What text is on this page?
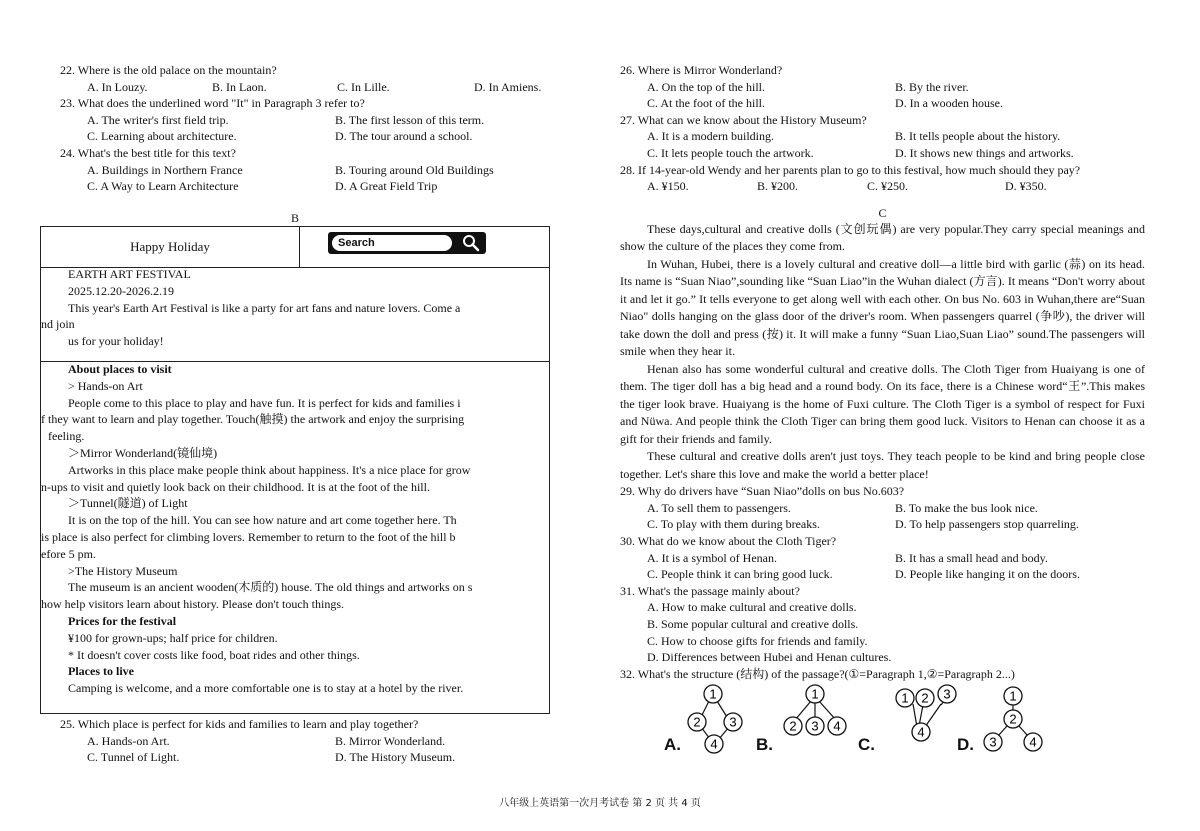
22. Where is the old palace on the mountain?
A. In Louzy.	B. In Laon.	C. In Lille.	D. In Amiens.
23. What does the underlined word "It" in Paragraph 3 refer to?
A. The writer's first field trip.	B. The first lesson of this term.
C. Learning about architecture.	D. The tour around a school.
24. What's the best title for this text?
A. Buildings in Northern France	B. Touring around Old Buildings
C. A Way to Learn Architecture	D. A Great Field Trip
B
Happy Holiday	Search
EARTH ART FESTIVAL
2025.12.20-2026.2.19
This year's Earth Art Festival is like a party for art fans and nature lovers. Come a
nd join
us for your holiday!
About places to visit
> Hands-on Art
People come to this place to play and have fun. It is perfect for kids and families i
f they want to learn and play together. Touch(触摸) the artwork and enjoy the surprising
feeling.
＞Mirror Wonderland(镜仙境)
Artworks in this place make people think about happiness. It's a nice place for grow
n-ups to visit and quietly look back on their childhood. It is at the foot of the hill.
＞Tunnel(隧道) of Light
It is on the top of the hill. You can see how nature and art come together here. Th
is place is also perfect for climbing lovers. Remember to return to the foot of the hill b
efore 5 pm.
>The History Museum
The museum is an ancient wooden(木质的) house. The old things and artworks on s
how help visitors learn about history. Please don't touch things.
Prices for the festival
¥100 for grown-ups; half price for children.
* It doesn't cover costs like food, boat rides and other things.
Places to live
Camping is welcome, and a more comfortable one is to stay at a hotel by the river.
25. Which place is perfect for kids and families to learn and play together?
A. Hands-on Art.	B. Mirror Wonderland.
C. Tunnel of Light.	D. The History Museum.
26. Where is Mirror Wonderland?
A. On the top of the hill.	B. By the river.
C. At the foot of the hill.	D. In a wooden house.
27. What can we know about the History Museum?
A. It is a modern building.	B. It tells people about the history.
C. It lets people touch the artwork.	D. It shows new things and artworks.
28. If 14-year-old Wendy and her parents plan to go to this festival, how much should they pay?
A. ¥150.	B. ¥200.	C. ¥250.	D. ¥350.
C
These days,cultural and creative dolls (文创玩偶) are very popular.They carry special meanings and show the culture of the places they come from.
In Wuhan, Hubei, there is a lovely cultural and creative doll—a little bird with garlic (蒜) on its head. Its name is “Suan Niao”,sounding like “Suan Liao”in the Wuhan dialect (方言). It means “Don't worry about it and let it go.” It tells everyone to get along well with each other. On bus No. 603 in Wuhan,there are“Suan Niao" dolls hanging on the glass door of the driver's room. When passengers quarrel (争吵), the driver will take down the doll and press (按) it. It will make a funny “Suan Liao,Suan Liao” sound.The passengers will smile when they hear it.
Henan also has some wonderful cultural and creative dolls. The Cloth Tiger from Huaiyang is one of them. The tiger doll has a big head and a round body. On its face, there is a Chinese word“王”.This makes the tiger look brave. Huaiyang is the home of Fuxi culture. The Cloth Tiger is a symbol of respect for Fuxi and Nüwa. And people think the Cloth Tiger can bring them good luck. Visitors to Henan can choose it as a gift for their friends and family.
These cultural and creative dolls aren't just toys. They teach people to be kind and bring people close together. Let's share this love and make the world a better place!
29. Why do drivers have “Suan Niao”dolls on bus No.603?
A. To sell them to passengers.	B. To make the bus look nice.
C. To play with them during breaks.	D. To help passengers stop quarreling.
30. What do we know about the Cloth Tiger?
A. It is a symbol of Henan.	B. It has a small head and body.
C. People think it can bring good luck.	D. People like hanging it on the doors.
31. What's the passage mainly about?
A. How to make cultural and creative dolls.
B. Some popular cultural and creative dolls.
C. How to choose gifts for friends and family.
D. Differences between Hubei and Henan cultures.
32. What's the structure (结构) of the passage?(①=Paragraph 1,②=Paragraph 2...)
1
2 3
4
1
2 3 4
1 2 3
4
1
2
3	4
A.	B.	C.	D.
八年级上英语第一次月考试卷 第 2 页 共 4 页
